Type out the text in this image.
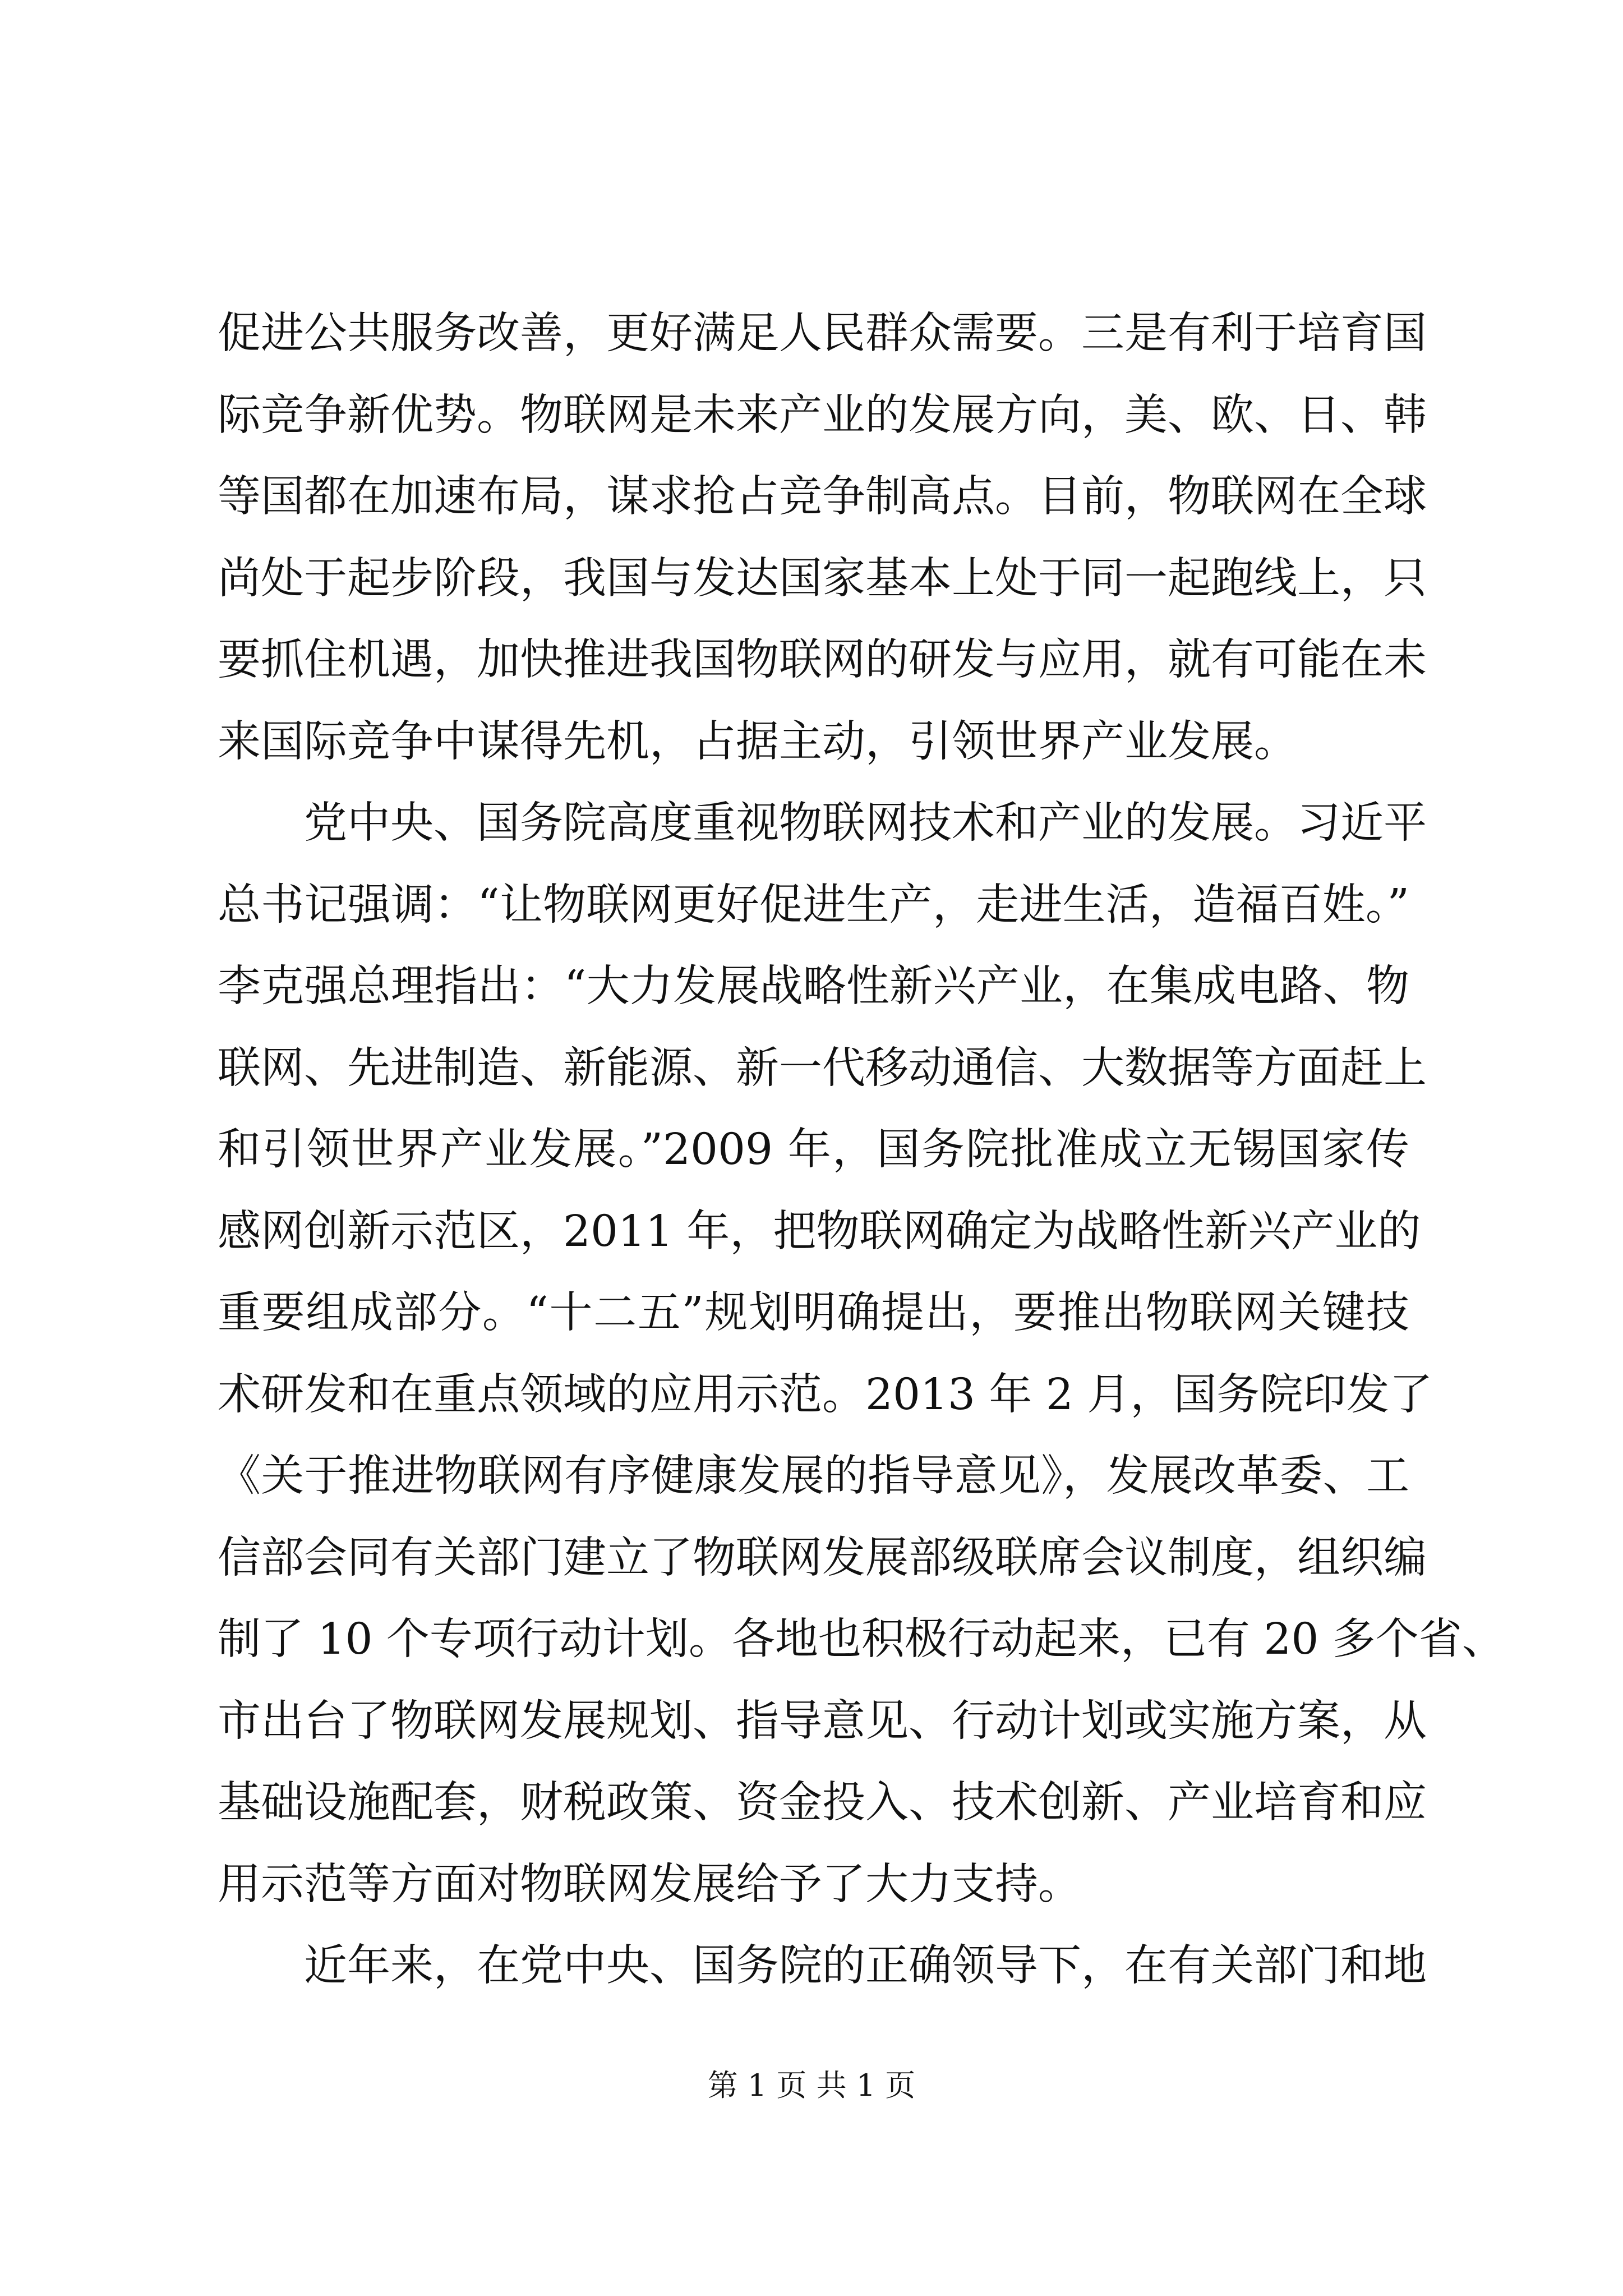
促进公共服务改善，更好满足人民群众需要。三是有利于培育国
际竞争新优势。物联网是未来产业的发展方向，美、欧、日、韩
等国都在加速布局，谋求抢占竞争制高点。目前，物联网在全球
尚处于起步阶段，我国与发达国家基本上处于同一起跑线上，只
要抓住机遇，加快推进我国物联网的研发与应用，就有可能在未
来国际竞争中谋得先机，占据主动，引领世界产业发展。
党中央、国务院高度重视物联网技术和产业的发展。习近平
总书记强调：“让物联网更好促进生产，走进生活，造福百姓。”
李克强总理指出：“大力发展战略性新兴产业，在集成电路、物
联网、先进制造、新能源、新一代移动通信、大数据等方面赶上
和引领世界产业发展。”2009 年，国务院批准成立无锡国家传
感网创新示范区，2011 年，把物联网确定为战略性新兴产业的
重要组成部分。“十二五”规划明确提出，要推出物联网关键技
术研发和在重点领域的应用示范。2013 年 2 月，国务院印发了
《关于推进物联网有序健康发展的指导意见》，发展改革委、工
信部会同有关部门建立了物联网发展部级联席会议制度，组织编
制了 10 个专项行动计划。各地也积极行动起来，已有 20 多个省、
市出台了物联网发展规划、指导意见、行动计划或实施方案，从
基础设施配套，财税政策、资金投入、技术创新、产业培育和应
用示范等方面对物联网发展给予了大力支持。
近年来，在党中央、国务院的正确领导下，在有关部门和地
第 1 页 共 1 页
